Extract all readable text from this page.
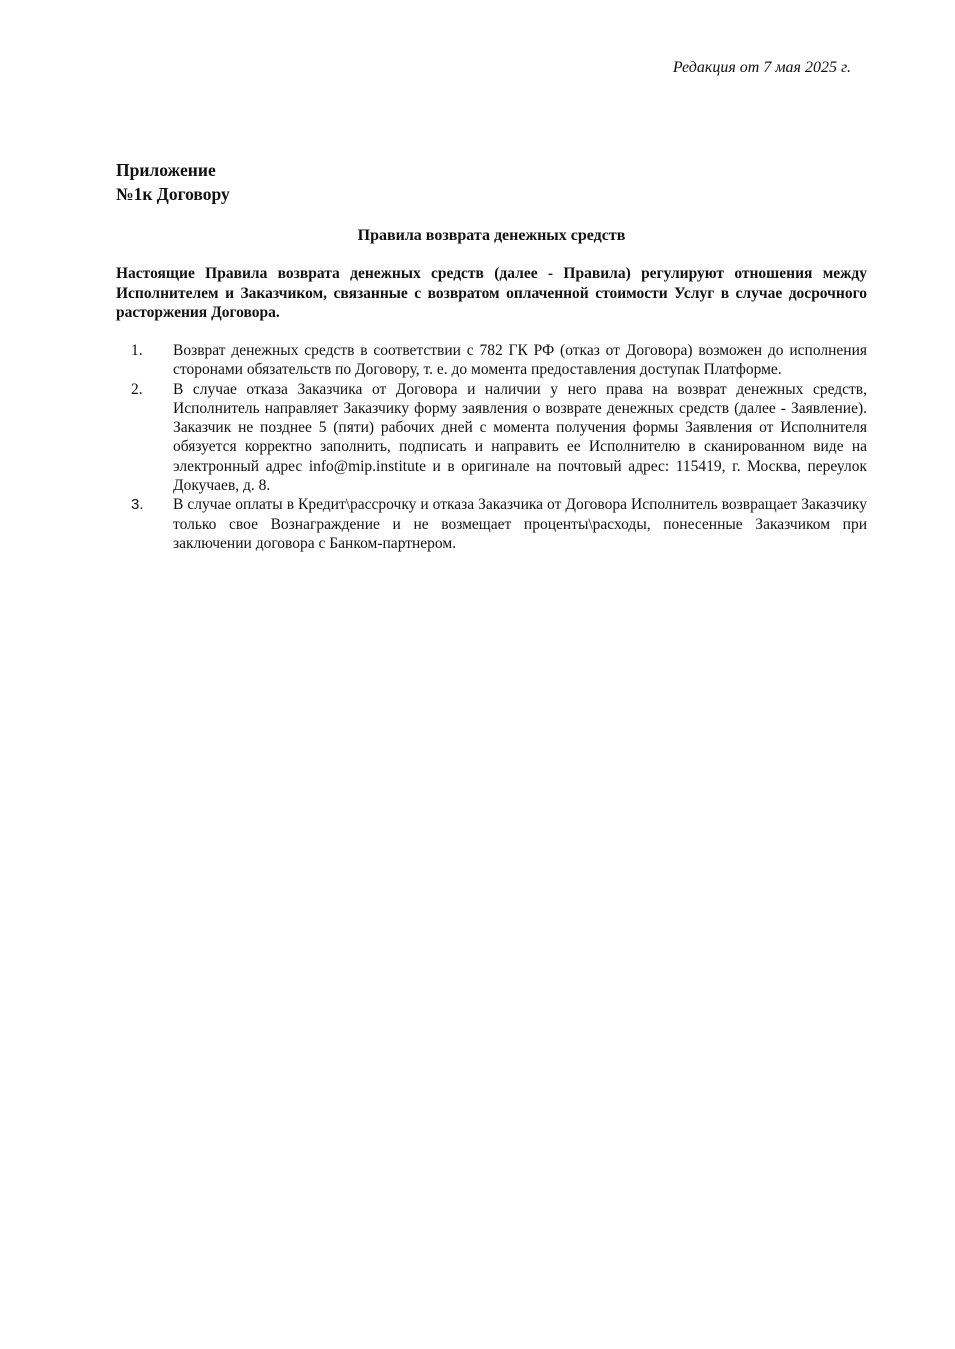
Редакция от 7 мая 2025 г.
Приложение
№1к Договору
Правила возврата денежных средств
Настоящие Правила возврата денежных средств (далее - Правила) регулируют отношения между Исполнителем и Заказчиком, связанные с возвратом оплаченной стоимости Услуг в случае досрочного расторжения Договора.
1.	Возврат денежных средств в соответствии с 782 ГК РФ (отказ от Договора) возможен до исполнения сторонами обязательств по Договору, т. е. до момента предоставления доступак Платформе.
2.	В случае отказа Заказчика от Договора и наличии у него права на возврат денежных средств, Исполнитель направляет Заказчику форму заявления о возврате денежных средств (далее - Заявление). Заказчик не позднее 5 (пяти) рабочих дней с момента получения формы Заявления от Исполнителя обязуется корректно заполнить, подписать и направить ее Исполнителю в сканированном виде на электронный адрес info@mip.institute и в оригинале на почтовый адрес: 115419, г. Москва, переулок Докучаев, д. 8.
3.	В случае оплаты в Кредит\рассрочку и отказа Заказчика от Договора Исполнитель возвращает Заказчику только свое Вознаграждение и не возмещает проценты\расходы, понесенные Заказчиком при заключении договора с Банком-партнером.
